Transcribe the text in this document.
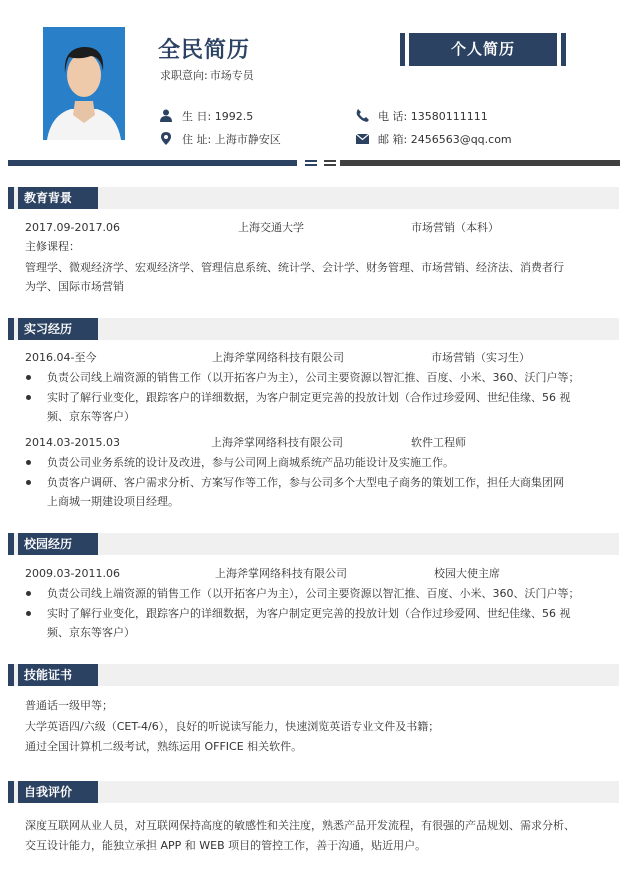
全民简历
求职意向: 市场专员
个人简历
生 日: 1992.5
住 址: 上海市静安区
电 话: 13580111111
邮 箱: 2456563@qq.com
教育背景
2017.09-2017.06	上海交通大学	市场营销（本科）
主修课程：
管理学、微观经济学、宏观经济学、管理信息系统、统计学、会计学、财务管理、市场营销、经济法、消费者行
为学、国际市场营销
实习经历
2016.04-至今	上海斧掌网络科技有限公司	市场营销（实习生）
负责公司线上端资源的销售工作（以开拓客户为主），公司主要资源以智汇推、百度、小米、360、沃门户等；
实时了解行业变化，跟踪客户的详细数据，为客户制定更完善的投放计划（合作过珍爱网、世纪佳缘、56 视
频、京东等客户）
2014.03-2015.03	上海斧掌网络科技有限公司	软件工程师
负责公司业务系统的设计及改进，参与公司网上商城系统产品功能设计及实施工作。
负责客户调研、客户需求分析、方案写作等工作，参与公司多个大型电子商务的策划工作，担任大商集团网
上商城一期建设项目经理。
校园经历
2009.03-2011.06	上海斧掌网络科技有限公司	校园大使主席
负责公司线上端资源的销售工作（以开拓客户为主），公司主要资源以智汇推、百度、小米、360、沃门户等；
实时了解行业变化，跟踪客户的详细数据，为客户制定更完善的投放计划（合作过珍爱网、世纪佳缘、56 视
频、京东等客户）
技能证书
普通话一级甲等；
大学英语四/六级（CET-4/6），良好的听说读写能力，快速浏览英语专业文件及书籍；
通过全国计算机二级考试，熟练运用 OFFICE 相关软件。
自我评价
深度互联网从业人员，对互联网保持高度的敏感性和关注度，熟悉产品开发流程，有很强的产品规划、需求分析、
交互设计能力，能独立承担 APP 和 WEB 项目的管控工作，善于沟通，贴近用户。
